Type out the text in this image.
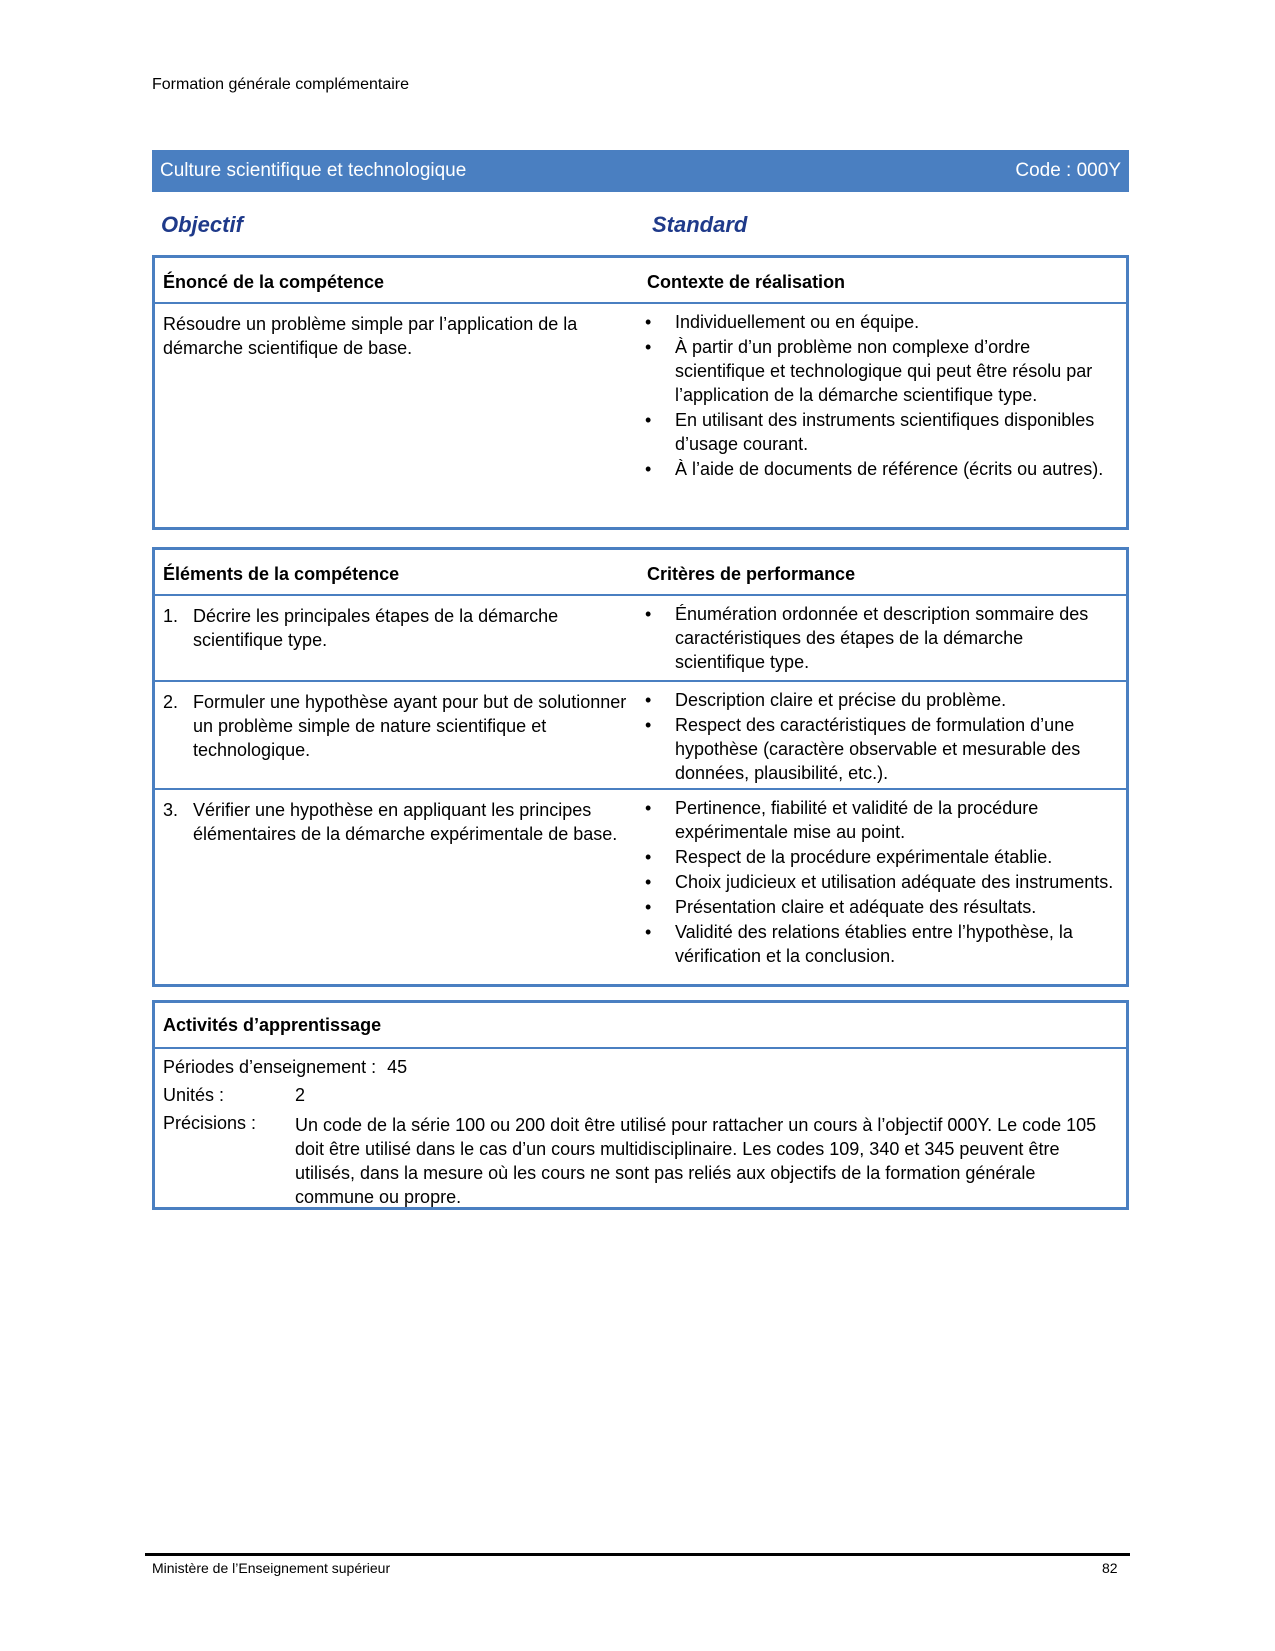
Formation générale complémentaire
Culture scientifique et technologique	Code : 000Y
Objectif	Standard
Énoncé de la compétence	Contexte de réalisation
Résoudre un problème simple par l’application de la démarche scientifique de base.
• Individuellement ou en équipe.
• À partir d’un problème non complexe d’ordre scientifique et technologique qui peut être résolu par l’application de la démarche scientifique type.
• En utilisant des instruments scientifiques disponibles d’usage courant.
• À l’aide de documents de référence (écrits ou autres).
Éléments de la compétence	Critères de performance
1. Décrire les principales étapes de la démarche scientifique type.
• Énumération ordonnée et description sommaire des caractéristiques des étapes de la démarche scientifique type.
2. Formuler une hypothèse ayant pour but de solutionner un problème simple de nature scientifique et technologique.
• Description claire et précise du problème.
• Respect des caractéristiques de formulation d’une hypothèse (caractère observable et mesurable des données, plausibilité, etc.).
3. Vérifier une hypothèse en appliquant les principes élémentaires de la démarche expérimentale de base.
• Pertinence, fiabilité et validité de la procédure expérimentale mise au point.
• Respect de la procédure expérimentale établie.
• Choix judicieux et utilisation adéquate des instruments.
• Présentation claire et adéquate des résultats.
• Validité des relations établies entre l’hypothèse, la vérification et la conclusion.
Activités d’apprentissage
Périodes d’enseignement : 45
Unités :	2
Précisions : Un code de la série 100 ou 200 doit être utilisé pour rattacher un cours à l’objectif 000Y. Le code 105 doit être utilisé dans le cas d’un cours multidisciplinaire. Les codes 109, 340 et 345 peuvent être utilisés, dans la mesure où les cours ne sont pas reliés aux objectifs de la formation générale commune ou propre.
Ministère de l’Enseignement supérieur	82
